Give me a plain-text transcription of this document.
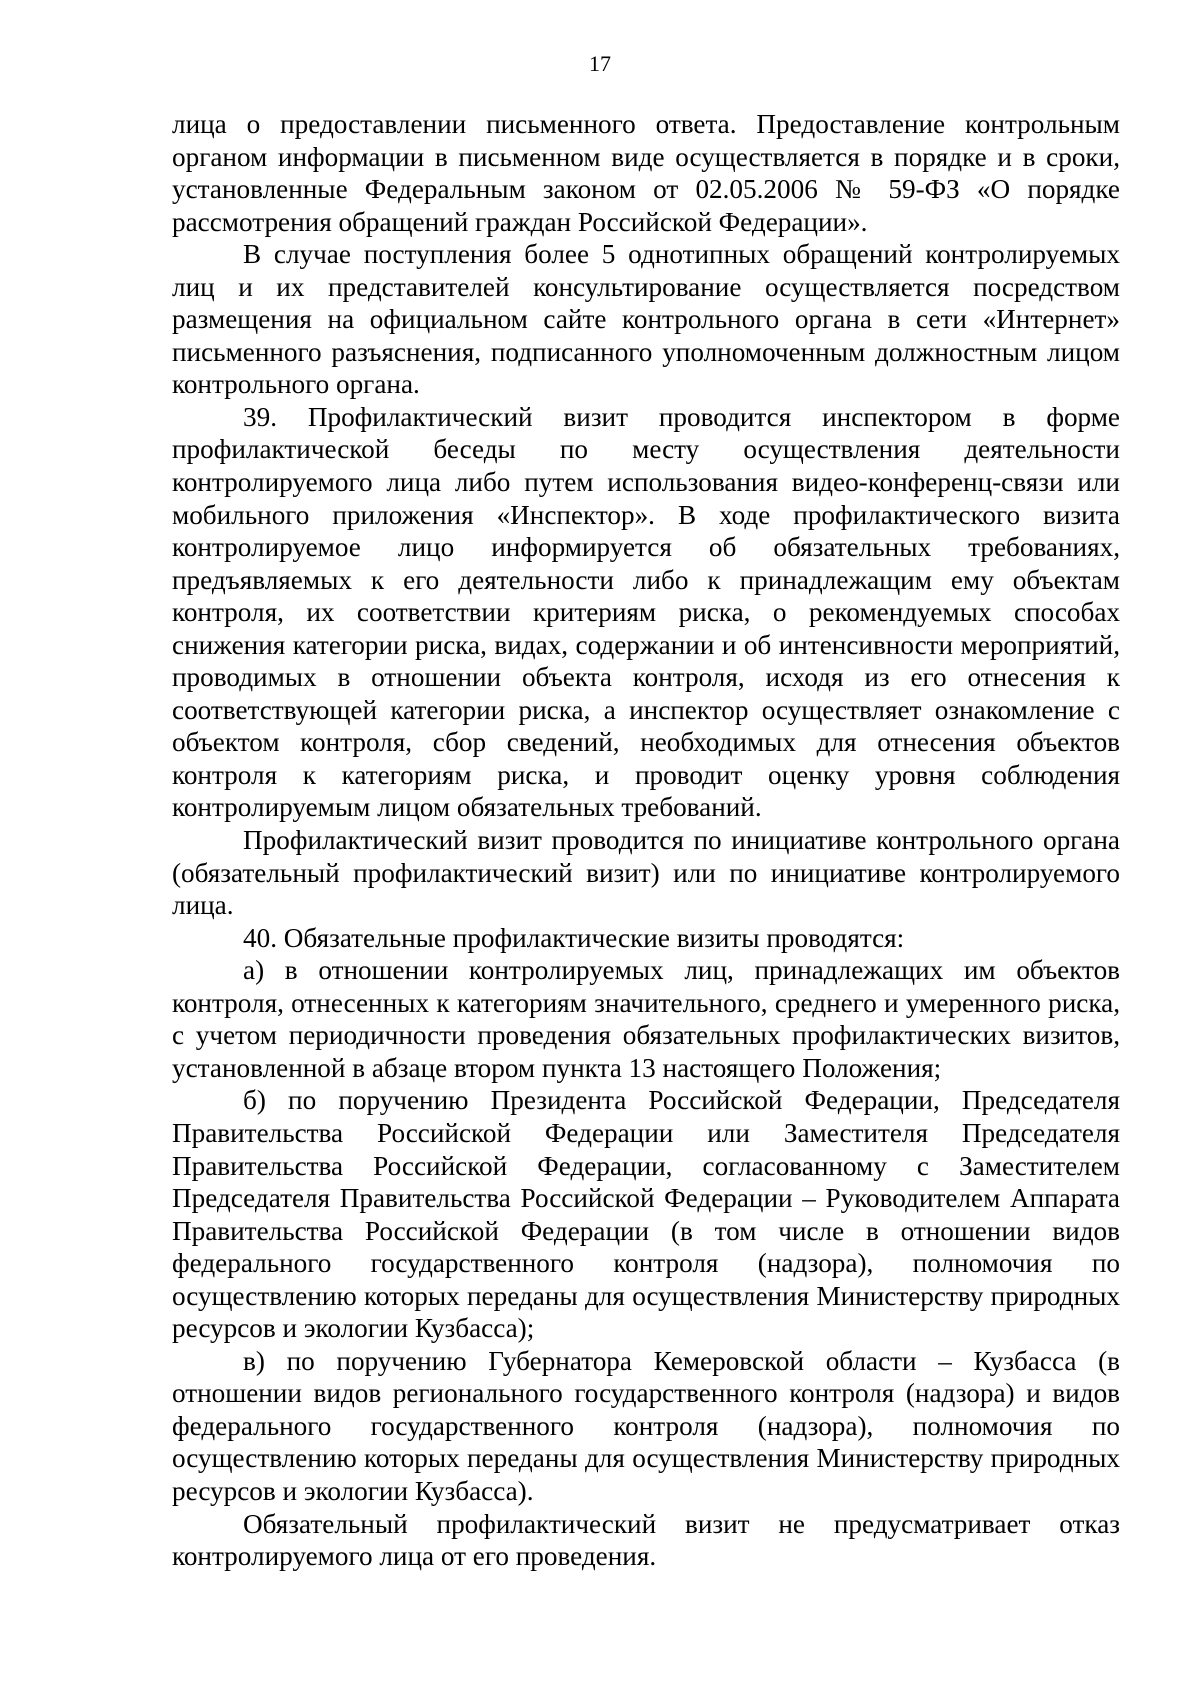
17

лица о предоставлении письменного ответа. Предоставление контрольным органом информации в письменном виде осуществляется в порядке и в сроки, установленные Федеральным законом от 02.05.2006 № 59-ФЗ «О порядке рассмотрения обращений граждан Российской Федерации».

В случае поступления более 5 однотипных обращений контролируемых лиц и их представителей консультирование осуществляется посредством размещения на официальном сайте контрольного органа в сети «Интернет» письменного разъяснения, подписанного уполномоченным должностным лицом контрольного органа.

39. Профилактический визит проводится инспектором в форме профилактической беседы по месту осуществления деятельности контролируемого лица либо путем использования видео-конференц-связи или мобильного приложения «Инспектор». В ходе профилактического визита контролируемое лицо информируется об обязательных требованиях, предъявляемых к его деятельности либо к принадлежащим ему объектам контроля, их соответствии критериям риска, о рекомендуемых способах снижения категории риска, видах, содержании и об интенсивности мероприятий, проводимых в отношении объекта контроля, исходя из его отнесения к соответствующей категории риска, а инспектор осуществляет ознакомление с объектом контроля, сбор сведений, необходимых для отнесения объектов контроля к категориям риска, и проводит оценку уровня соблюдения контролируемым лицом обязательных требований.

Профилактический визит проводится по инициативе контрольного органа (обязательный профилактический визит) или по инициативе контролируемого лица.

40. Обязательные профилактические визиты проводятся:

а) в отношении контролируемых лиц, принадлежащих им объектов контроля, отнесенных к категориям значительного, среднего и умеренного риска, с учетом периодичности проведения обязательных профилактических визитов, установленной в абзаце втором пункта 13 настоящего Положения;

б) по поручению Президента Российской Федерации, Председателя Правительства Российской Федерации или Заместителя Председателя Правительства Российской Федерации, согласованному с Заместителем Председателя Правительства Российской Федерации – Руководителем Аппарата Правительства Российской Федерации (в том числе в отношении видов федерального государственного контроля (надзора), полномочия по осуществлению которых переданы для осуществления Министерству природных ресурсов и экологии Кузбасса);

в) по поручению Губернатора Кемеровской области – Кузбасса (в отношении видов регионального государственного контроля (надзора) и видов федерального государственного контроля (надзора), полномочия по осуществлению которых переданы для осуществления Министерству природных ресурсов и экологии Кузбасса).

Обязательный профилактический визит не предусматривает отказ контролируемого лица от его проведения.
